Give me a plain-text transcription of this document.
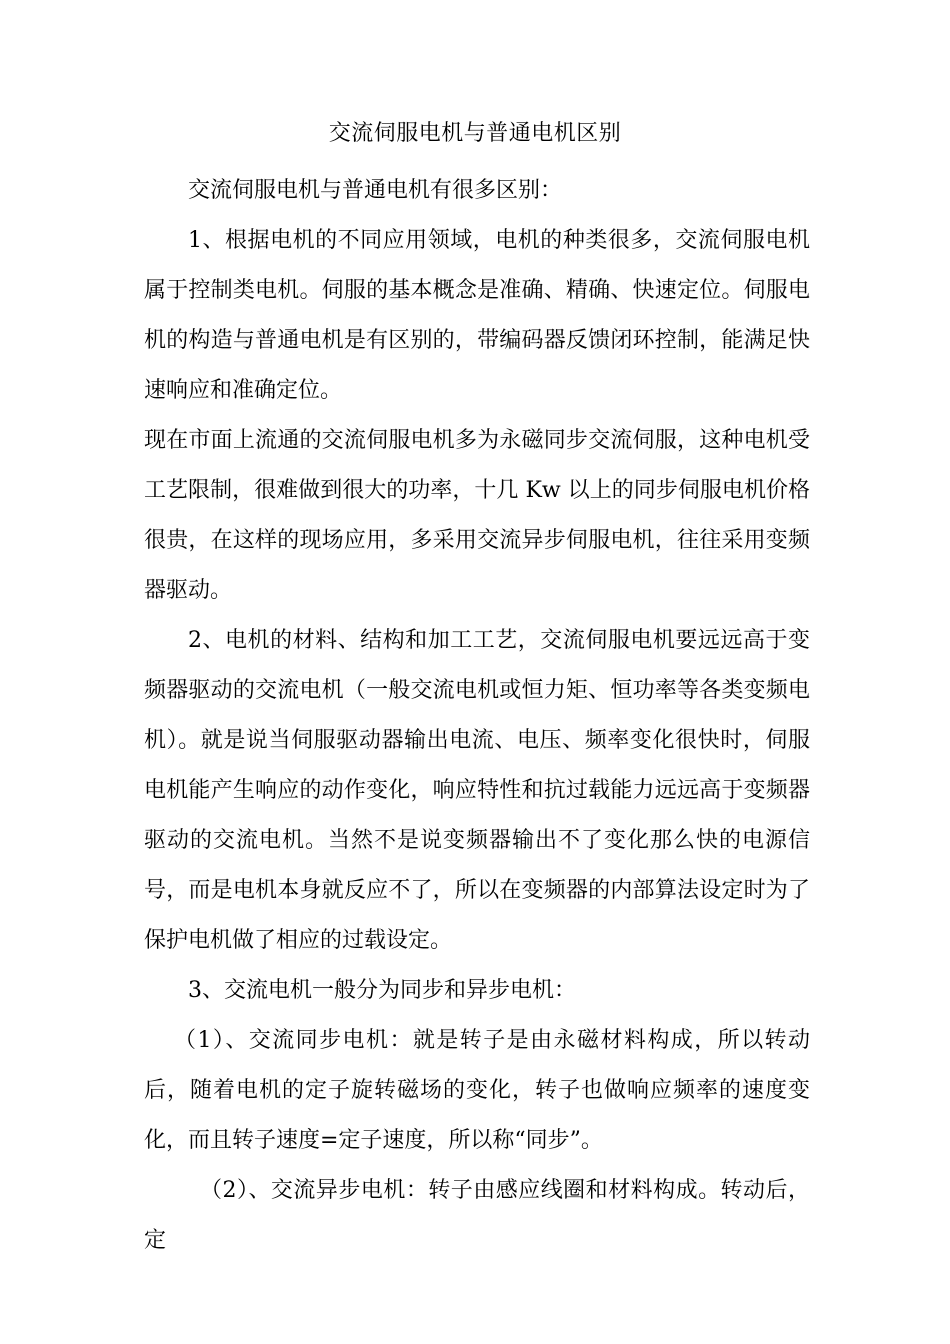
交流伺服电机与普通电机区别

交流伺服电机与普通电机有很多区别：

1、根据电机的不同应用领域，电机的种类很多，交流伺服电机属于控制类电机。伺服的基本概念是准确、精确、快速定位。伺服电机的构造与普通电机是有区别的，带编码器反馈闭环控制，能满足快速响应和准确定位。

现在市面上流通的交流伺服电机多为永磁同步交流伺服，这种电机受工艺限制，很难做到很大的功率，十几 Kw 以上的同步伺服电机价格很贵，在这样的现场应用，多采用交流异步伺服电机，往往采用变频器驱动。

2、电机的材料、结构和加工工艺，交流伺服电机要远远高于变频器驱动的交流电机（一般交流电机或恒力矩、恒功率等各类变频电机）。就是说当伺服驱动器输出电流、电压、频率变化很快时，伺服电机能产生响应的动作变化，响应特性和抗过载能力远远高于变频器驱动的交流电机。当然不是说变频器输出不了变化那么快的电源信号，而是电机本身就反应不了，所以在变频器的内部算法设定时为了保护电机做了相应的过载设定。

3、交流电机一般分为同步和异步电机：

（1）、交流同步电机：就是转子是由永磁材料构成，所以转动后，随着电机的定子旋转磁场的变化，转子也做响应频率的速度变化，而且转子速度=定子速度，所以称“同步”。

（2）、交流异步电机：转子由感应线圈和材料构成。转动后，定
